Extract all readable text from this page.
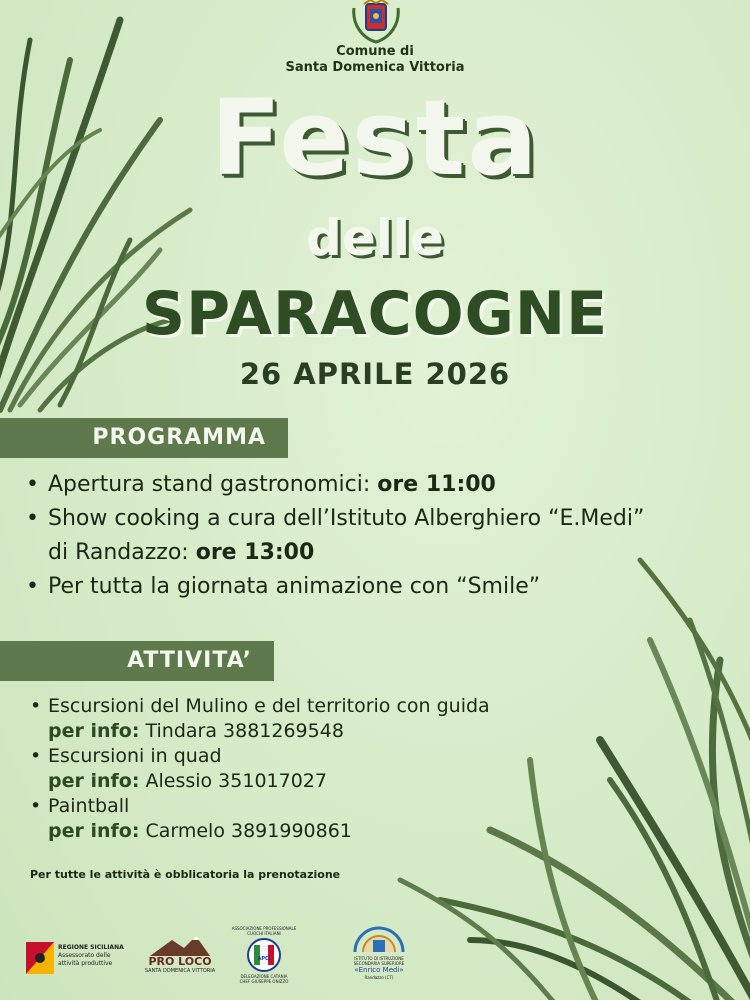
Comune di
Santa Domenica Vittoria
Festa
delle
SPARACOGNE
26 APRILE 2026
PROGRAMMA
• Apertura stand gastronomici: ore 11:00
• Show cooking a cura dell’Istituto Alberghiero “E.Medi”
di Randazzo: ore 13:00
• Per tutta la giornata animazione con “Smile”
ATTIVITA’
• Escursioni del Mulino e del territorio con guida
per info: Tindara 3881269548
• Escursioni in quad
per info: Alessio 351017027
• Paintball
per info: Carmelo 3891990861
Per tutte le attività è obblicatoria la prenotazione
REGIONE SICILIANA
Assessorato delle
attività produttive	PRO LOCO
SANTA DOMENICA VITTORIA
ASSOCIAZIONE PROFESSIONALE
CUOCHI ITALIANI
APCI
DELEGAZIONE CATANIA
CHEF GIUSEPPE ONIZZO
ISTITUTO DI ISTRUZIONE
SECONDARIA SUPERIORE
«Enrico Medi»
Randazzo (CT)
